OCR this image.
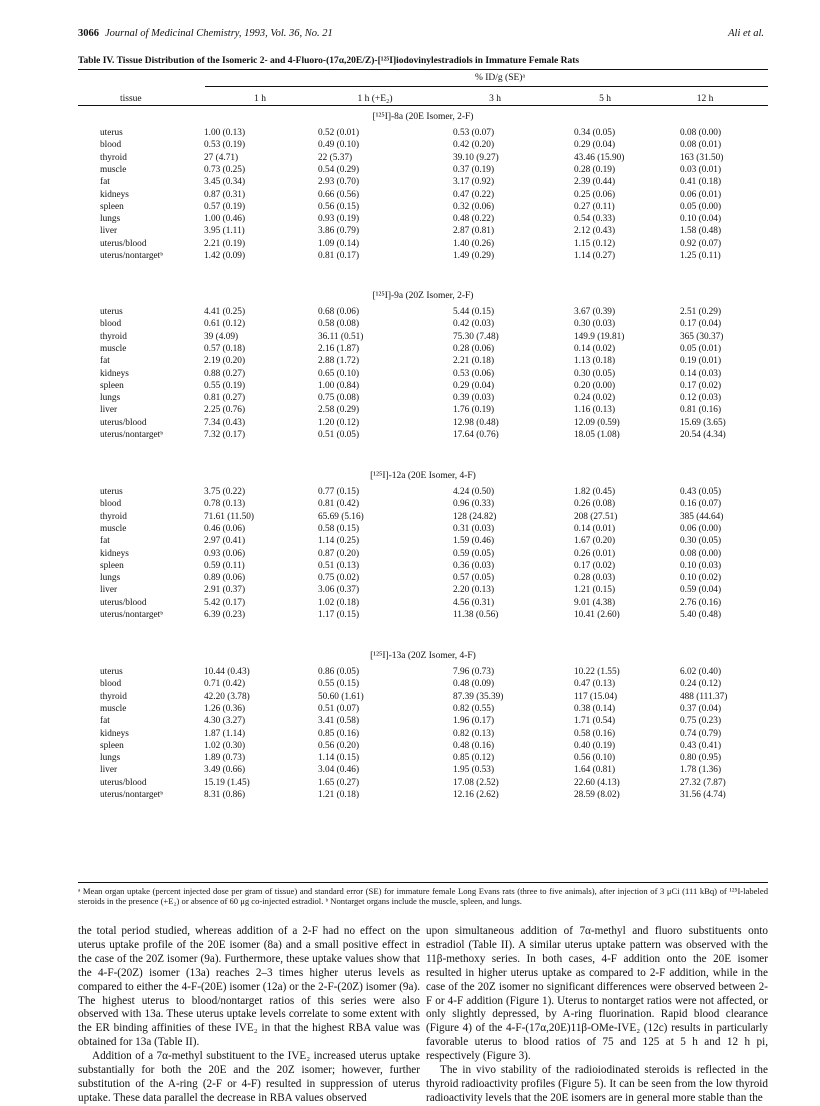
3066 Journal of Medicinal Chemistry, 1993, Vol. 36, No. 21	Ali et al.
Table IV. Tissue Distribution of the Isomeric 2- and 4-Fluoro-(17α,20E/Z)-[¹²⁵I]iodovinylestradiols in Immature Female Rats
% ID/g (SE)ᵃ
tissue	1 h	1 h (+E₂)	3 h	5 h	12 h
[¹²⁵I]-8a (20E Isomer, 2-F)
uterus	1.00 (0.13)	0.52 (0.01)	0.53 (0.07)	0.34 (0.05)	0.08 (0.00)
blood	0.53 (0.19)	0.49 (0.10)	0.42 (0.20)	0.29 (0.04)	0.08 (0.01)
thyroid	27 (4.71)	22 (5.37)	39.10 (9.27)	43.46 (15.90)	163 (31.50)
muscle	0.73 (0.25)	0.54 (0.29)	0.37 (0.19)	0.28 (0.19)	0.03 (0.01)
fat	3.45 (0.34)	2.93 (0.70)	3.17 (0.92)	2.39 (0.44)	0.41 (0.18)
kidneys	0.87 (0.31)	0.66 (0.56)	0.47 (0.22)	0.25 (0.06)	0.06 (0.01)
spleen	0.57 (0.19)	0.56 (0.15)	0.32 (0.06)	0.27 (0.11)	0.05 (0.00)
lungs	1.00 (0.46)	0.93 (0.19)	0.48 (0.22)	0.54 (0.33)	0.10 (0.04)
liver	3.95 (1.11)	3.86 (0.79)	2.87 (0.81)	2.12 (0.43)	1.58 (0.48)
uterus/blood	2.21 (0.19)	1.09 (0.14)	1.40 (0.26)	1.15 (0.12)	0.92 (0.07)
uterus/nontargetᵇ	1.42 (0.09)	0.81 (0.17)	1.49 (0.29)	1.14 (0.27)	1.25 (0.11)
[¹²⁵I]-9a (20Z Isomer, 2-F)
uterus	4.41 (0.25)	0.68 (0.06)	5.44 (0.15)	3.67 (0.39)	2.51 (0.29)
blood	0.61 (0.12)	0.58 (0.08)	0.42 (0.03)	0.30 (0.03)	0.17 (0.04)
thyroid	39 (4.09)	36.11 (0.51)	75.30 (7.48)	149.9 (19.81)	365 (30.37)
muscle	0.57 (0.18)	2.16 (1.87)	0.28 (0.06)	0.14 (0.02)	0.05 (0.01)
fat	2.19 (0.20)	2.88 (1.72)	2.21 (0.18)	1.13 (0.18)	0.19 (0.01)
kidneys	0.88 (0.27)	0.65 (0.10)	0.53 (0.06)	0.30 (0.05)	0.14 (0.03)
spleen	0.55 (0.19)	1.00 (0.84)	0.29 (0.04)	0.20 (0.00)	0.17 (0.02)
lungs	0.81 (0.27)	0.75 (0.08)	0.39 (0.03)	0.24 (0.02)	0.12 (0.03)
liver	2.25 (0.76)	2.58 (0.29)	1.76 (0.19)	1.16 (0.13)	0.81 (0.16)
uterus/blood	7.34 (0.43)	1.20 (0.12)	12.98 (0.48)	12.09 (0.59)	15.69 (3.65)
uterus/nontargetᵇ	7.32 (0.17)	0.51 (0.05)	17.64 (0.76)	18.05 (1.08)	20.54 (4.34)
[¹²⁵I]-12a (20E Isomer, 4-F)
uterus	3.75 (0.22)	0.77 (0.15)	4.24 (0.50)	1.82 (0.45)	0.43 (0.05)
blood	0.78 (0.13)	0.81 (0.42)	0.96 (0.33)	0.26 (0.08)	0.16 (0.07)
thyroid	71.61 (11.50)	65.69 (5.16)	128 (24.82)	208 (27.51)	385 (44.64)
muscle	0.46 (0.06)	0.58 (0.15)	0.31 (0.03)	0.14 (0.01)	0.06 (0.00)
fat	2.97 (0.41)	1.14 (0.25)	1.59 (0.46)	1.67 (0.20)	0.30 (0.05)
kidneys	0.93 (0.06)	0.87 (0.20)	0.59 (0.05)	0.26 (0.01)	0.08 (0.00)
spleen	0.59 (0.11)	0.51 (0.13)	0.36 (0.03)	0.17 (0.02)	0.10 (0.03)
lungs	0.89 (0.06)	0.75 (0.02)	0.57 (0.05)	0.28 (0.03)	0.10 (0.02)
liver	2.91 (0.37)	3.06 (0.37)	2.20 (0.13)	1.21 (0.15)	0.59 (0.04)
uterus/blood	5.42 (0.17)	1.02 (0.18)	4.56 (0.31)	9.01 (4.38)	2.76 (0.16)
uterus/nontargetᵇ	6.39 (0.23)	1.17 (0.15)	11.38 (0.56)	10.41 (2.60)	5.40 (0.48)
[¹²⁵I]-13a (20Z Isomer, 4-F)
uterus	10.44 (0.43)	0.86 (0.05)	7.96 (0.73)	10.22 (1.55)	6.02 (0.40)
blood	0.71 (0.42)	0.55 (0.15)	0.48 (0.09)	0.47 (0.13)	0.24 (0.12)
thyroid	42.20 (3.78)	50.60 (1.61)	87.39 (35.39)	117 (15.04)	488 (111.37)
muscle	1.26 (0.36)	0.51 (0.07)	0.82 (0.55)	0.38 (0.14)	0.37 (0.04)
fat	4.30 (3.27)	3.41 (0.58)	1.96 (0.17)	1.71 (0.54)	0.75 (0.23)
kidneys	1.87 (1.14)	0.85 (0.16)	0.82 (0.13)	0.58 (0.16)	0.74 (0.79)
spleen	1.02 (0.30)	0.56 (0.20)	0.48 (0.16)	0.40 (0.19)	0.43 (0.41)
lungs	1.89 (0.73)	1.14 (0.15)	0.85 (0.12)	0.56 (0.10)	0.80 (0.95)
liver	3.49 (0.66)	3.04 (0.46)	1.95 (0.53)	1.64 (0.81)	1.78 (1.36)
uterus/blood	15.19 (1.45)	1.65 (0.27)	17.08 (2.52)	22.60 (4.13)	27.32 (7.87)
uterus/nontargetᵇ	8.31 (0.86)	1.21 (0.18)	12.16 (2.62)	28.59 (8.02)	31.56 (4.74)
ᵃ Mean organ uptake (percent injected dose per gram of tissue) and standard error (SE) for immature female Long Evans rats (three to five animals), after injection of 3 μCi (111 kBq) of ¹²⁵I-labeled steroids in the presence (+E₂) or absence of 60 μg co-injected estradiol. ᵇ Nontarget organs include the muscle, spleen, and lungs.

the total period studied, whereas addition of a 2-F had no effect on the uterus uptake profile of the 20E isomer (8a) and a small positive effect in the case of the 20Z isomer (9a). Furthermore, these uptake values show that the 4-F-(20Z) isomer (13a) reaches 2–3 times higher uterus levels as compared to either the 4-F-(20E) isomer (12a) or the 2-F-(20Z) isomer (9a). The highest uterus to blood/nontarget ratios of this series were also observed with 13a. These uterus uptake levels correlate to some extent with the ER binding affinities of these IVE₂ in that the highest RBA value was obtained for 13a (Table II).

Addition of a 7α-methyl substituent to the IVE₂ increased uterus uptake substantially for both the 20E and the 20Z isomer; however, further substitution of the A-ring (2-F or 4-F) resulted in suppression of uterus uptake. These data parallel the decrease in RBA values observed

upon simultaneous addition of 7α-methyl and fluoro substituents onto estradiol (Table II). A similar uterus uptake pattern was observed with the 11β-methoxy series. In both cases, 4-F addition onto the 20E isomer resulted in higher uterus uptake as compared to 2-F addition, while in the case of the 20Z isomer no significant differences were observed between 2-F or 4-F addition (Figure 1). Uterus to nontarget ratios were not affected, or only slightly depressed, by A-ring fluorination. Rapid blood clearance (Figure 4) of the 4-F-(17α,20E)11β-OMe-IVE₂ (12c) results in particularly favorable uterus to blood ratios of 75 and 125 at 5 h and 12 h pi, respectively (Figure 3).

The in vivo stability of the radioiodinated steroids is reflected in the thyroid radioactivity profiles (Figure 5). It can be seen from the low thyroid radioactivity levels that the 20E isomers are in general more stable than the
